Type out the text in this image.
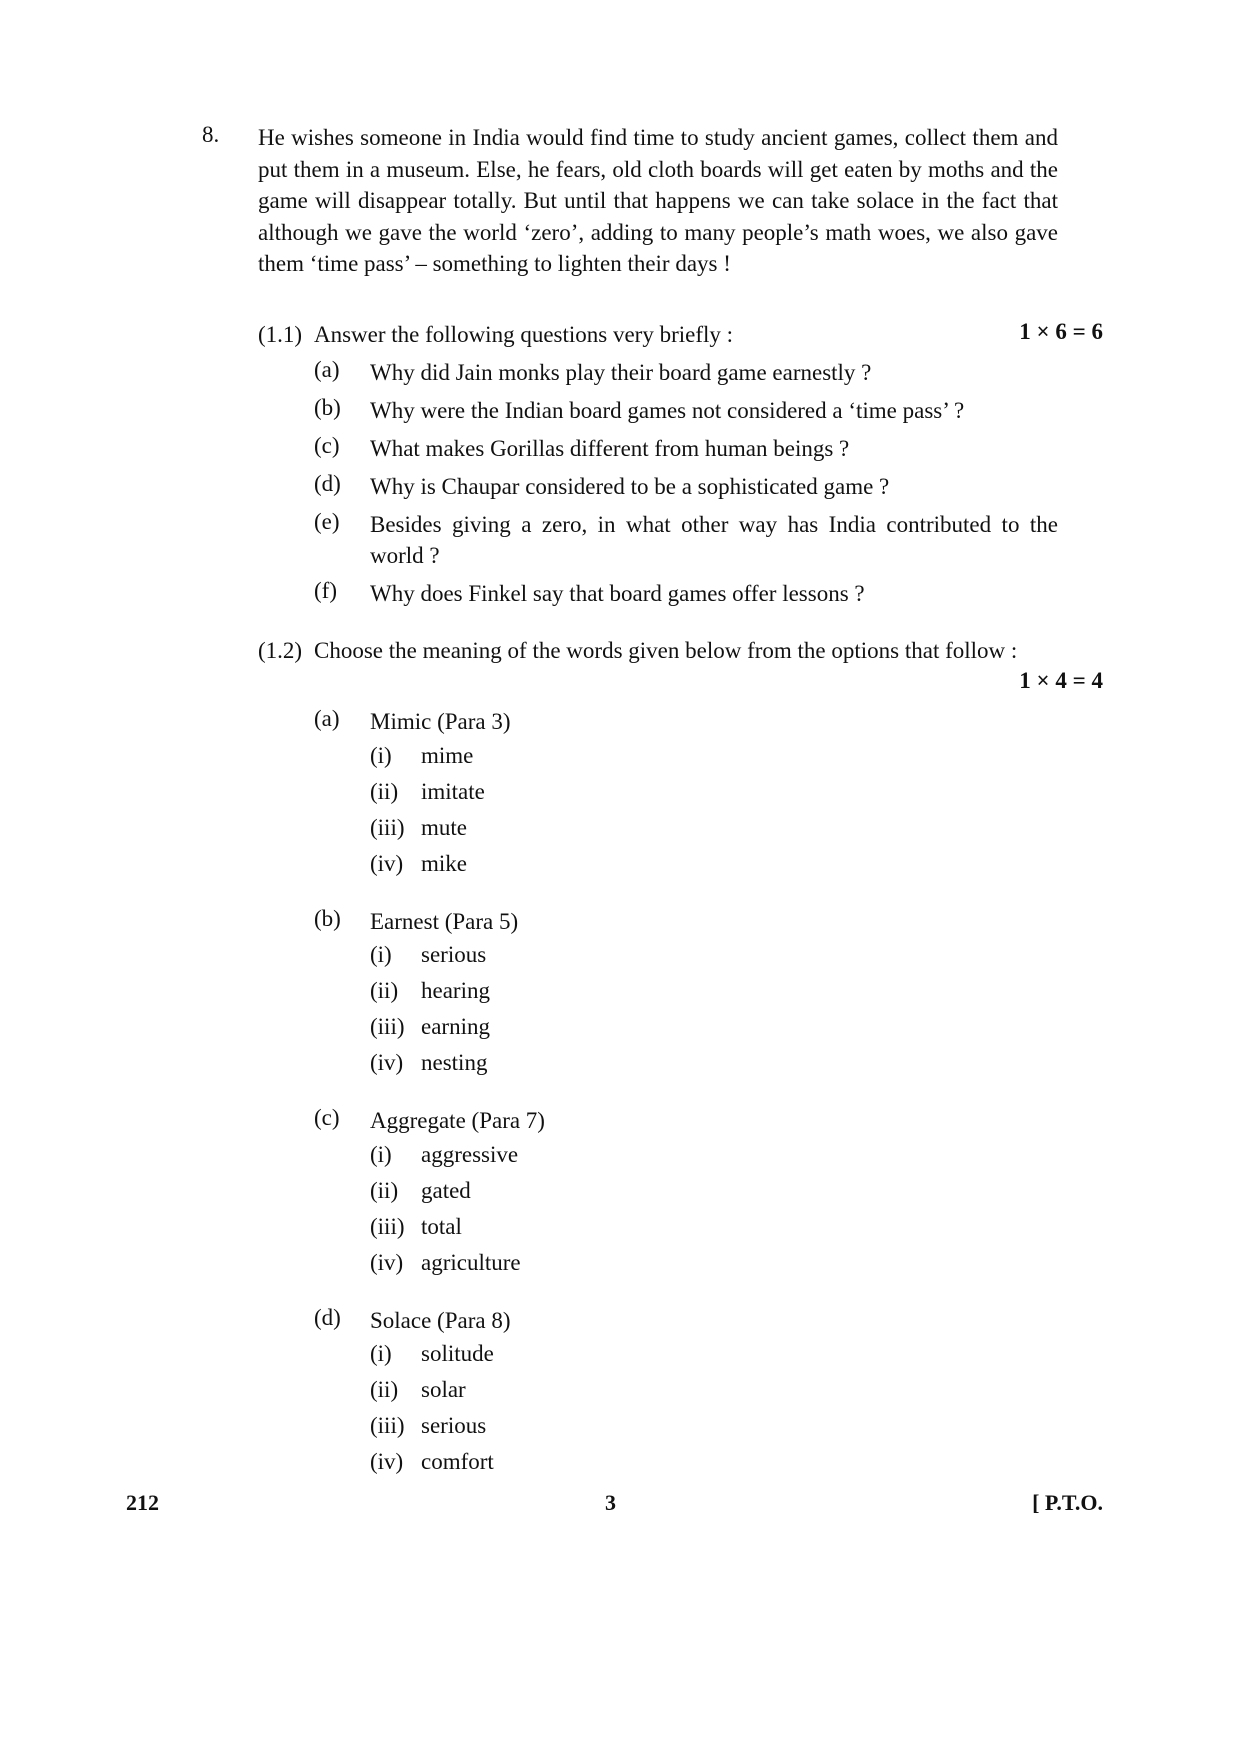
8. He wishes someone in India would find time to study ancient games, collect them and put them in a museum. Else, he fears, old cloth boards will get eaten by moths and the game will disappear totally. But until that happens we can take solace in the fact that although we gave the world ‘zero’, adding to many people’s math woes, we also gave them ‘time pass’ – something to lighten their days !
(1.1) Answer the following questions very briefly :	1 × 6 = 6
(a) Why did Jain monks play their board game earnestly ?
(b) Why were the Indian board games not considered a ‘time pass’ ?
(c) What makes Gorillas different from human beings ?
(d) Why is Chaupar considered to be a sophisticated game ?
(e) Besides giving a zero, in what other way has India contributed to the world ?
(f) Why does Finkel say that board games offer lessons ?
(1.2) Choose the meaning of the words given below from the options that follow :
1 × 4 = 4
(a) Mimic (Para 3)
(i) mime
(ii) imitate
(iii) mute
(iv) mike
(b) Earnest (Para 5)
(i) serious
(ii) hearing
(iii) earning
(iv) nesting
(c) Aggregate (Para 7)
(i) aggressive
(ii) gated
(iii) total
(iv) agriculture
(d) Solace (Para 8)
(i) solitude
(ii) solar
(iii) serious
(iv) comfort
212	3	[ P.T.O.
